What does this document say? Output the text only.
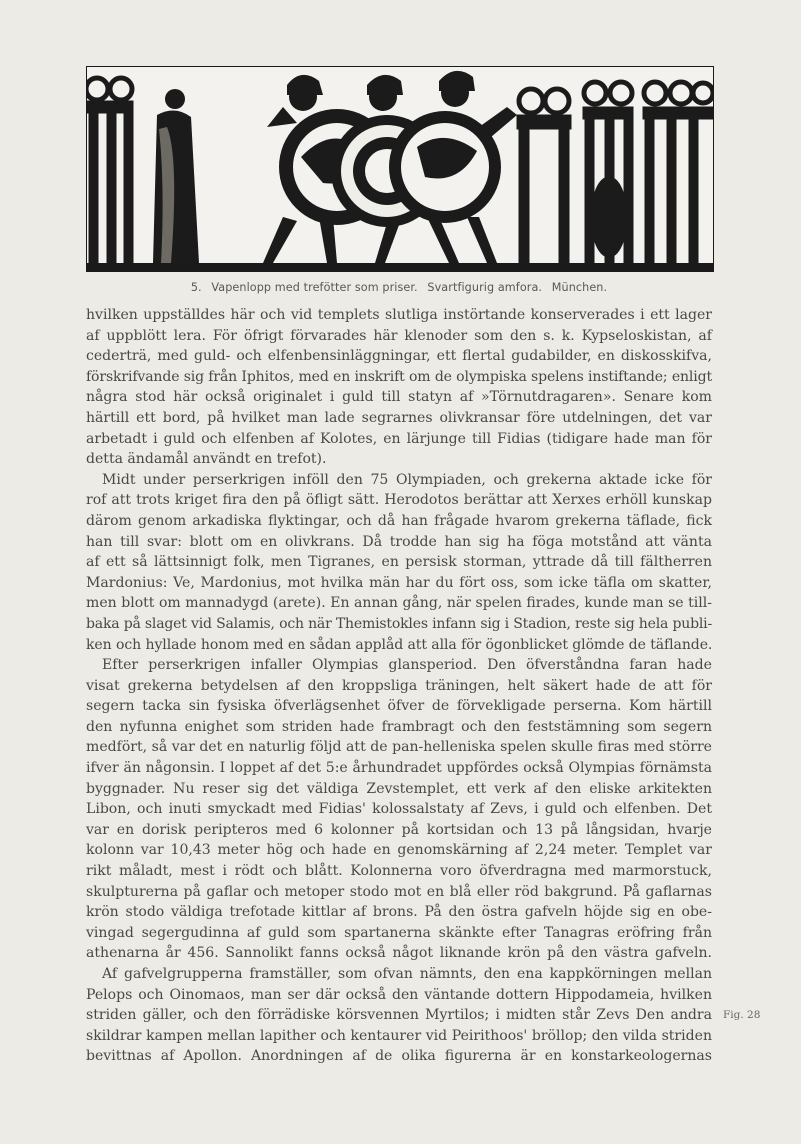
5. Vapenlopp med trefötter som priser. Svartfigurig amfora. München.
hvilken uppställdes här och vid templets slutliga instörtande konserverades i ett lager
af uppblött lera. För öfrigt förvarades här klenoder som den s. k. Kypseloskistan, af
cederträ, med guld- och elfenbensinläggningar, ett flertal gudabilder, en diskosskifva,
förskrifvande sig från Iphitos, med en inskrift om de olympiska spelens instiftande; enligt
några stod här också originalet i guld till statyn af »Törnutdragaren». Senare kom
härtill ett bord, på hvilket man lade segrarnes olivkransar före utdelningen, det var
arbetadt i guld och elfenben af Kolotes, en lärjunge till Fidias (tidigare hade man för
detta ändamål användt en trefot).
Midt under perserkrigen inföll den 75 Olympiaden, och grekerna aktade icke för
rof att trots kriget fira den på öfligt sätt. Herodotos berättar att Xerxes erhöll kunskap
därom genom arkadiska flyktingar, och då han frågade hvarom grekerna täflade, fick
han till svar: blott om en olivkrans. Då trodde han sig ha föga motstånd att vänta
af ett så lättsinnigt folk, men Tigranes, en persisk storman, yttrade då till fältherren
Mardonius: Ve, Mardonius, mot hvilka män har du fört oss, som icke täfla om skatter,
men blott om mannadygd (arete). En annan gång, när spelen firades, kunde man se till-
baka på slaget vid Salamis, och när Themistokles infann sig i Stadion, reste sig hela publi-
ken och hyllade honom med en sådan applåd att alla för ögonblicket glömde de täflande.
Efter perserkrigen infaller Olympias glansperiod. Den öfverståndna faran hade
visat grekerna betydelsen af den kroppsliga träningen, helt säkert hade de att för
segern tacka sin fysiska öfverlägsenhet öfver de förvekligade perserna. Kom härtill
den nyfunna enighet som striden hade frambragt och den feststämning som segern
medfört, så var det en naturlig följd att de pan-helleniska spelen skulle firas med större
ifver än någonsin. I loppet af det 5:e århundradet uppfördes också Olympias förnämsta
byggnader. Nu reser sig det väldiga Zevstemplet, ett verk af den eliske arkitekten
Libon, och inuti smyckadt med Fidias' kolossalstaty af Zevs, i guld och elfenben. Det
var en dorisk peripteros med 6 kolonner på kortsidan och 13 på långsidan, hvarje
kolonn var 10,43 meter hög och hade en genomskärning af 2,24 meter. Templet var
rikt måladt, mest i rödt och blått. Kolonnerna voro öfverdragna med marmorstuck,
skulpturerna på gaflar och metoper stodo mot en blå eller röd bakgrund. På gaflarnas
krön stodo väldiga trefotade kittlar af brons. På den östra gafveln höjde sig en obe-
vingad segergudinna af guld som spartanerna skänkte efter Tanagras eröfring från
athenarna år 456. Sannolikt fanns också något liknande krön på den västra gafveln.
Af gafvelgrupperna framställer, som ofvan nämnts, den ena kappkörningen mellan
Pelops och Oinomaos, man ser där också den väntande dottern Hippodameia, hvilken
striden gäller, och den förrädiske körsvennen Myrtilos; i midten står Zevs Den andra
skildrar kampen mellan lapither och kentaurer vid Peirithoos' bröllop; den vilda striden
bevittnas af Apollon. Anordningen af de olika figurerna är en konstarkeologernas
Fig. 28
